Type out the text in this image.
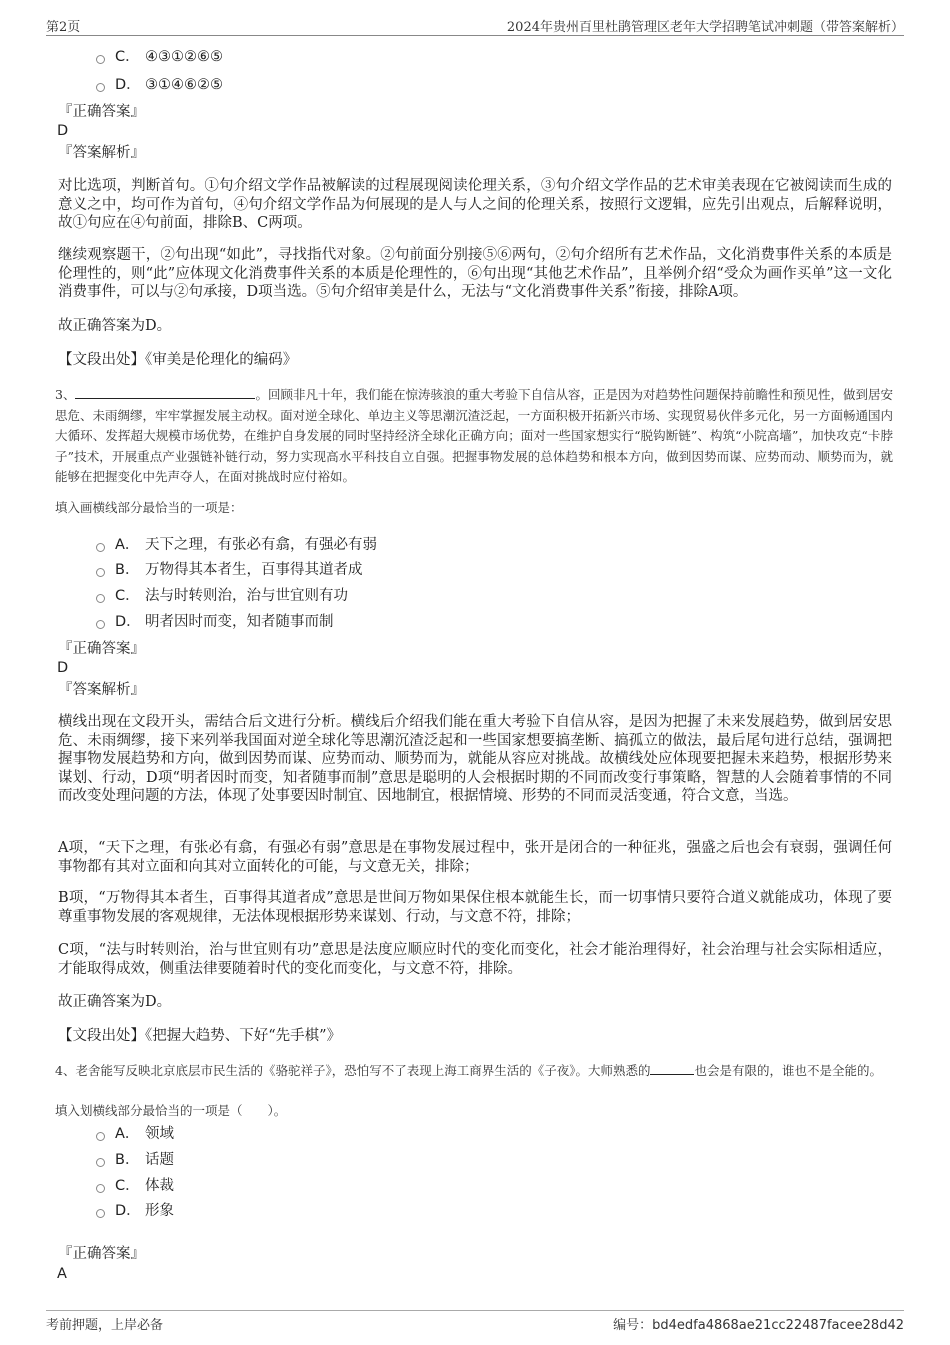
第2页	2024年贵州百里杜鹃管理区老年大学招聘笔试冲刺题（带答案解析）
C． ④③①②⑥⑤
D． ③①④⑥②⑤
『正确答案』
D
『答案解析』
对比选项，判断首句。①句介绍文学作品被解读的过程展现阅读伦理关系，③句介绍文学作品的艺术审美表现在它被阅读而生成的意义之中，均可作为首句，④句介绍文学作品为何展现的是人与人之间的伦理关系，按照行文逻辑，应先引出观点，后解释说明，故①句应在④句前面，排除B、C两项。
继续观察题干，②句出现“如此”，寻找指代对象。②句前面分别接⑤⑥两句，②句介绍所有艺术作品，文化消费事件关系的本质是伦理性的，则“此”应体现文化消费事件关系的本质是伦理性的，⑥句出现“其他艺术作品”，且举例介绍“受众为画作买单”这一文化消费事件，可以与②句承接，D项当选。⑤句介绍审美是什么，无法与“文化消费事件关系”衔接，排除A项。
故正确答案为D。
【文段出处】《审美是伦理化的编码》
3、	。回顾非凡十年，我们能在惊涛骇浪的重大考验下自信从容，正是因为对趋势性问题保持前瞻性和预见性，做到居安思危、未雨绸缪，牢牢掌握发展主动权。面对逆全球化、单边主义等思潮沉渣泛起，一方面积极开拓新兴市场、实现贸易伙伴多元化，另一方面畅通国内大循环、发挥超大规模市场优势，在维护自身发展的同时坚持经济全球化正确方向；面对一些国家想实行“脱钩断链”、构筑“小院高墙”，加快攻克“卡脖子”技术，开展重点产业强链补链行动，努力实现高水平科技自立自强。把握事物发展的总体趋势和根本方向，做到因势而谋、应势而动、顺势而为，就能够在把握变化中先声夺人，在面对挑战时应付裕如。
填入画横线部分最恰当的一项是：
A． 天下之理，有张必有翕，有强必有弱
B． 万物得其本者生，百事得其道者成
C． 法与时转则治，治与世宜则有功
D． 明者因时而变，知者随事而制
『正确答案』
D
『答案解析』
横线出现在文段开头，需结合后文进行分析。横线后介绍我们能在重大考验下自信从容，是因为把握了未来发展趋势，做到居安思危、未雨绸缪，接下来列举我国面对逆全球化等思潮沉渣泛起和一些国家想要搞垄断、搞孤立的做法，最后尾句进行总结，强调把握事物发展趋势和方向，做到因势而谋、应势而动、顺势而为，就能从容应对挑战。故横线处应体现要把握未来趋势，根据形势来谋划、行动，D项“明者因时而变，知者随事而制”意思是聪明的人会根据时期的不同而改变行事策略，智慧的人会随着事情的不同而改变处理问题的方法，体现了处事要因时制宜、因地制宜，根据情境、形势的不同而灵活变通，符合文意，当选。
A项，“天下之理，有张必有翕，有强必有弱”意思是在事物发展过程中，张开是闭合的一种征兆，强盛之后也会有衰弱，强调任何事物都有其对立面和向其对立面转化的可能，与文意无关，排除；
B项，“万物得其本者生，百事得其道者成”意思是世间万物如果保住根本就能生长，而一切事情只要符合道义就能成功，体现了要尊重事物发展的客观规律，无法体现根据形势来谋划、行动，与文意不符，排除；
C项，“法与时转则治，治与世宜则有功”意思是法度应顺应时代的变化而变化，社会才能治理得好，社会治理与社会实际相适应，才能取得成效，侧重法律要随着时代的变化而变化，与文意不符，排除。
故正确答案为D。
【文段出处】《把握大趋势、下好“先手棋”》
4、老舍能写反映北京底层市民生活的《骆驼祥子》，恐怕写不了表现上海工商界生活的《子夜》。大师熟悉的	也会是有限的，谁也不是全能的。
填入划横线部分最恰当的一项是（　　）。
A． 领域
B． 话题
C． 体裁
D． 形象
『正确答案』
A
考前押题，上岸必备	编号：bd4edfa4868ae21cc22487facee28d42
